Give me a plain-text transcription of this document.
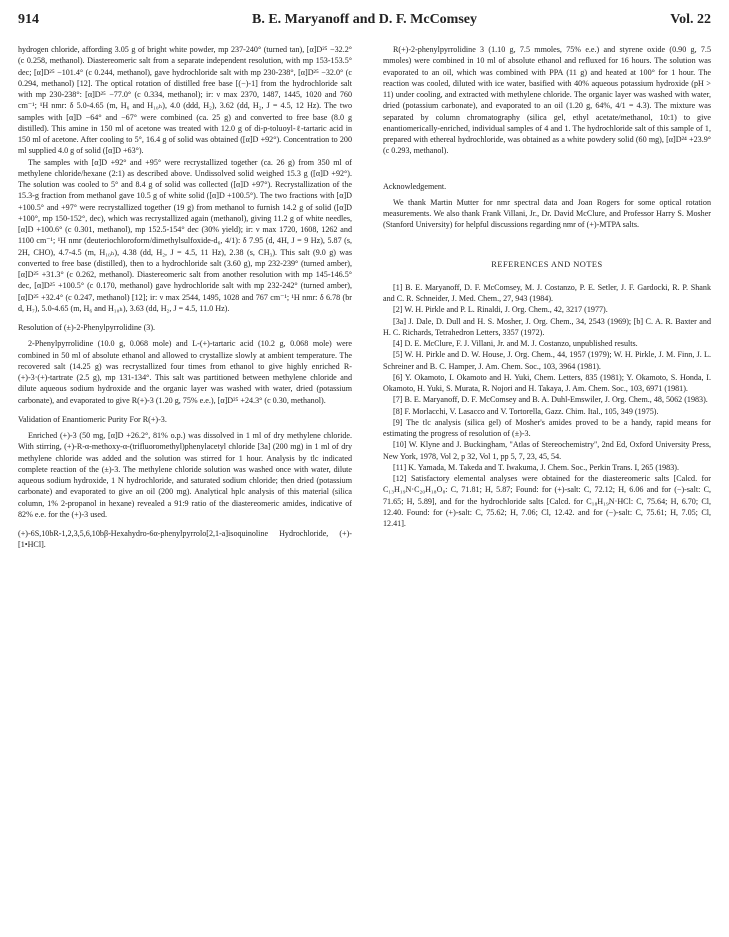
914	B. E. Maryanoff and D. F. McComsey	Vol. 22

hydrogen chloride, affording 3.05 g of bright white powder, mp 237-240° (turned tan), [α]D²⁵ −32.2° (c 0.258, methanol). Diastereomeric salt from a separate independent resolution, with mp 153-153.5° dec; [α]D²⁵ −101.4° (c 0.244, methanol), gave hydrochloride salt with mp 230-238°, [α]D²⁵ −32.0° (c 0.294, methanol) [12]. The optical rotation of distilled free base [(−)-1] from the hydrochloride salt with mp 230-238°: [α]D²⁵ −77.0° (c 0.334, methanol); ir: ν max 2370, 1487, 1445, 1020 and 760 cm⁻¹; ¹H nmr: δ 5.0-4.65 (m, H₆ and H₁₀ₕ), 4.0 (ddd, H₂), 3.62 (dd, H₂, J = 4.5, 12 Hz). The two samples with [α]D −64° and −67° were combined (ca. 25 g) and converted to free base (8.0 g distilled). This amine in 150 ml of acetone was treated with 12.0 g of di-p-toluoyl-ℓ-tartaric acid in 150 ml of acetone. After cooling to 5°, 16.4 g of solid was obtained ([α]D +92°). Concentration to 200 ml supplied 4.0 g of solid ([α]D +63°).

The samples with [α]D +92° and +95° were recrystallized together (ca. 26 g) from 350 ml of methylene chloride/hexane (2:1) as described above. Undissolved solid weighed 15.3 g ([α]D +92°). The solution was cooled to 5° and 8.4 g of solid was collected ([α]D +97°). Recrystallization of the 15.3-g fraction from methanol gave 10.5 g of white solid ([α]D +100.5°). The two fractions with [α]D +100.5° and +97° were recrystallized together (19 g) from methanol to furnish 14.2 g of solid ([α]D +100°, mp 150-152°, dec), which was recrystallized again (methanol), giving 11.2 g of white needles, [α]D +100.6° (c 0.301, methanol), mp 152.5-154° dec (30% yield); ir: ν max 1720, 1608, 1262 and 1100 cm⁻¹; ¹H nmr (deuteriochloroform/dimethylsulfoxide-d₆, 4/1): δ 7.95 (d, 4H, J = 9 Hz), 5.87 (s, 2H, CHO), 4.7-4.5 (m, H₁₀ₕ), 4.38 (dd, H₂, J = 4.5, 11 Hz), 2.38 (s, CH₃). This salt (9.0 g) was converted to free base (distilled), then to a hydrochloride salt (3.60 g), mp 232-239° (turned amber), [α]D²⁵ +31.3° (c 0.262, methanol). Diastereomeric salt from another resolution with mp 145-146.5° dec, [α]D²⁵ +100.5° (c 0.170, methanol) gave hydrochloride salt with mp 232-242° (turned amber), [α]D²⁵ +32.4° (c 0.247, methanol) [12]; ir: ν max 2544, 1495, 1028 and 767 cm⁻¹; ¹H nmr: δ 6.78 (br d, H₇), 5.0-4.65 (m, H₆ and H₁₀ₕ), 3.63 (dd, H₂, J = 4.5, 11.0 Hz).

Resolution of (±)-2-Phenylpyrrolidine (3).

2-Phenylpyrrolidine (10.0 g, 0.068 mole) and L-(+)-tartaric acid (10.2 g, 0.068 mole) were combined in 50 ml of absolute ethanol and allowed to crystallize slowly at ambient temperature. The recovered salt (14.25 g) was recrystallized four times from ethanol to give highly enriched R-(+)-3·(+)-tartrate (2.5 g), mp 131-134°. This salt was partitioned between methylene chloride and dilute aqueous sodium hydroxide and the organic layer was washed with water, dried (potassium carbonate), and evaporated to give R(+)-3 (1.20 g, 75% e.e.), [α]D²⁵ +24.3° (c 0.30, methanol).

Validation of Enantiomeric Purity For R(+)-3.

Enriched (+)-3 (50 mg, [α]D +26.2°, 81% o.p.) was dissolved in 1 ml of dry methylene chloride. With stirring, (+)-R-α-methoxy-α-(trifluoromethyl)phenylacetyl chloride [3a] (200 mg) in 1 ml of dry methylene chloride was added and the solution was stirred for 1 hour. Analysis by tlc indicated complete reaction of the (±)-3. The methylene chloride solution was washed once with water, dilute aqueous sodium hydroxide, 1 N hydrochloride, and saturated sodium chloride; then dried (potassium carbonate) and evaporated to give an oil (200 mg). Analytical hplc analysis of this material (silica column, 1% 2-propanol in hexane) revealed a 91:9 ratio of the diastereomeric amides, indicative of 82% e.e. for the (+)-3 used.

(+)-6S,10bR-1,2,3,5,6,10bβ-Hexahydro-6α-phenylpyrrolo[2,1-a]isoquinoline Hydrochloride, (+)-[1•HCl].

R(+)-2-phenylpyrrolidine 3 (1.10 g, 7.5 mmoles, 75% e.e.) and styrene oxide (0.90 g, 7.5 mmoles) were combined in 10 ml of absolute ethanol and refluxed for 16 hours. The solution was evaporated to an oil, which was combined with PPA (11 g) and heated at 100° for 1 hour. The reaction was cooled, diluted with ice water, basified with 40% aqueous potassium hydroxide (pH > 11) under cooling, and extracted with methylene chloride. The organic layer was washed with water, dried (potassium carbonate), and evaporated to an oil (1.20 g, 64%, 4/1 = 4.3). The mixture was separated by column chromatography (silica gel, ethyl acetate/methanol, 10:1) to give enantiomerically-enriched, individual samples of 4 and 1. The hydrochloride salt of this sample of 1, prepared with ethereal hydrochloride, was obtained as a white powdery solid (60 mg), [α]D²⁴ +23.9° (c 0.293, methanol).

Acknowledgement.

We thank Martin Mutter for nmr spectral data and Joan Rogers for some optical rotation measurements. We also thank Frank Villani, Jr., Dr. David McClure, and Professor Harry S. Mosher (Stanford University) for helpful discussions regarding nmr of (+)-MTPA salts.

REFERENCES AND NOTES

[1] B. E. Maryanoff, D. F. McComsey, M. J. Costanzo, P. E. Setler, J. F. Gardocki, R. P. Shank and C. R. Schneider, J. Med. Chem., 27, 943 (1984).

[2] W. H. Pirkle and P. L. Rinaldi, J. Org. Chem., 42, 3217 (1977).

[3a] J. Dale, D. Dull and H. S. Mosher, J. Org. Chem., 34, 2543 (1969); [b] C. A. R. Baxter and H. C. Richards, Tetrahedron Letters, 3357 (1972).

[4] D. E. McClure, F. J. Villani, Jr. and M. J. Costanzo, unpublished results.

[5] W. H. Pirkle and D. W. House, J. Org. Chem., 44, 1957 (1979); W. H. Pirkle, J. M. Finn, J. L. Schreiner and B. C. Hamper, J. Am. Chem. Soc., 103, 3964 (1981).

[6] Y. Okamoto, I. Okamoto and H. Yuki, Chem. Letters, 835 (1981); Y. Okamoto, S. Honda, I. Okamoto, H. Yuki, S. Murata, R. Nojori and H. Takaya, J. Am. Chem. Soc., 103, 6971 (1981).

[7] B. E. Maryanoff, D. F. McComsey and B. A. Duhl-Emswiler, J. Org. Chem., 48, 5062 (1983).

[8] F. Morlacchi, V. Lasacco and V. Tortorella, Gazz. Chim. Ital., 105, 349 (1975).

[9] The tlc analysis (silica gel) of Mosher's amides proved to be a handy, rapid means for estimating the progress of resolution of (±)-3.

[10] W. Klyne and J. Buckingham, "Atlas of Stereochemistry", 2nd Ed, Oxford University Press, New York, 1978, Vol 2, p 32, Vol 1, pp 5, 7, 23, 45, 54.

[11] K. Yamada, M. Takeda and T. Iwakuma, J. Chem. Soc., Perkin Trans. I, 265 (1983).

[12] Satisfactory elemental analyses were obtained for the diastereomeric salts [Calcd. for C₁₃H₁₉N·C₂₀H₁₈O₈: C, 71.81; H, 5.87; Found: for (+)-salt: C, 72.12; H, 6.06 and for (−)-salt: C, 71.65; H, 5.89], and for the hydrochloride salts [Calcd. for C₁₈H₁₉N·HCl: C, 75.64; H, 6.70; Cl, 12.40. Found: for (+)-salt: C, 75.62; H, 7.06; Cl, 12.42. and for (−)-salt: C, 75.61; H, 7.05; Cl, 12.41].
